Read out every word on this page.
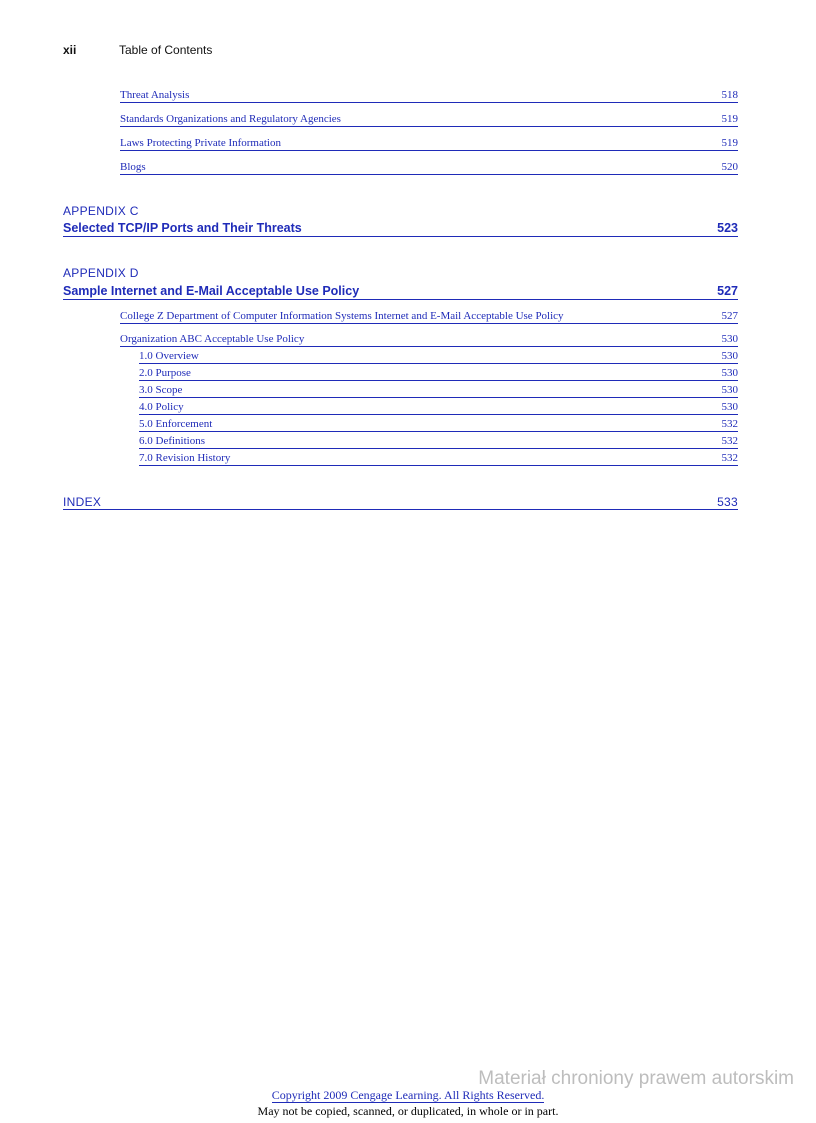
xii	Table of Contents
Threat Analysis	518
Standards Organizations and Regulatory Agencies	519
Laws Protecting Private Information	519
Blogs	520
APPENDIX C
Selected TCP/IP Ports and Their Threats	523
APPENDIX D
Sample Internet and E-Mail Acceptable Use Policy	527
College Z Department of Computer Information Systems Internet and E-Mail Acceptable Use Policy	527
Organization ABC Acceptable Use Policy	530
1.0 Overview	530
2.0 Purpose	530
3.0 Scope	530
4.0 Policy	530
5.0 Enforcement	532
6.0 Definitions	532
7.0 Revision History	532
INDEX	533
Materiał chroniony prawem autorskim
Copyright 2009 Cengage Learning. All Rights Reserved.
May not be copied, scanned, or duplicated, in whole or in part.
